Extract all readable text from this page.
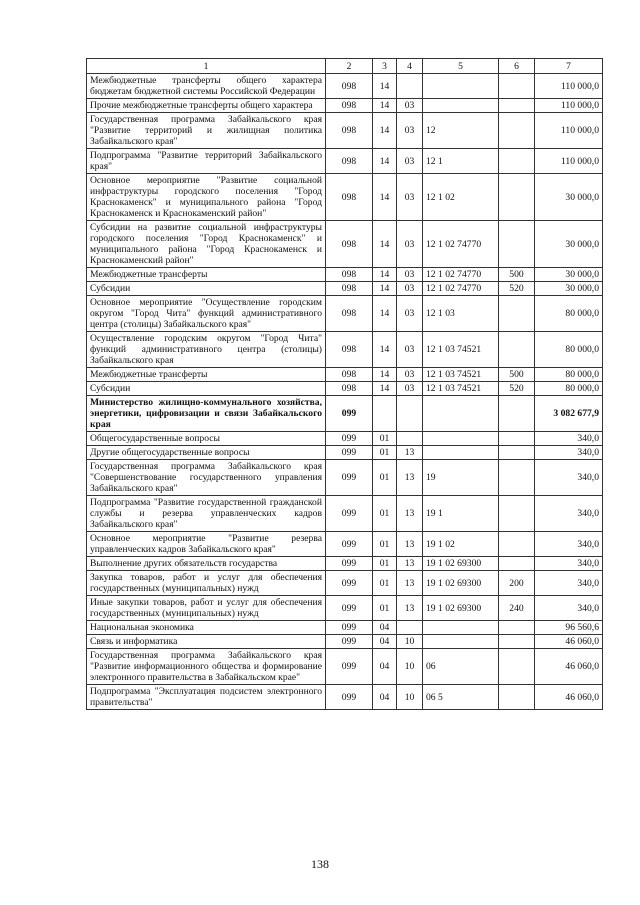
1	2	3	4	5	6	7
Межбюджетные трансферты общего характера бюджетам бюджетной системы Российской Федерации	098	14				110 000,0
Прочие межбюджетные трансферты общего характера	098	14	03			110 000,0
Государственная программа Забайкальского края "Развитие территорий и жилищная политика Забайкальского края"	098	14	03	12		110 000,0
Подпрограмма "Развитие территорий Забайкальского края"	098	14	03	12 1		110 000,0
Основное мероприятие "Развитие социальной инфраструктуры городского поселения "Город Краснокаменск" и муниципального района "Город Краснокаменск и Краснокаменский район"	098	14	03	12 1 02		30 000,0
Субсидии на развитие социальной инфраструктуры городского поселения "Город Краснокаменск" и муниципального района "Город Краснокаменск и Краснокаменский район"	098	14	03	12 1 02 74770		30 000,0
Межбюджетные трансферты	098	14	03	12 1 02 74770	500	30 000,0
Субсидии	098	14	03	12 1 02 74770	520	30 000,0
Основное мероприятие "Осуществление городским округом "Город Чита" функций административного центра (столицы) Забайкальского края"	098	14	03	12 1 03		80 000,0
Осуществление городским округом "Город Чита" функций административного центра (столицы) Забайкальского края	098	14	03	12 1 03 74521		80 000,0
Межбюджетные трансферты	098	14	03	12 1 03 74521	500	80 000,0
Субсидии	098	14	03	12 1 03 74521	520	80 000,0
Министерство жилищно-коммунального хозяйства, энергетики, цифровизации и связи Забайкальского края	099					3 082 677,9
Общегосударственные вопросы	099	01				340,0
Другие общегосударственные вопросы	099	01	13			340,0
Государственная программа Забайкальского края "Совершенствование государственного управления Забайкальского края"	099	01	13	19		340,0
Подпрограмма "Развитие государственной гражданской службы и резерва управленческих кадров Забайкальского края"	099	01	13	19 1		340,0
Основное мероприятие "Развитие резерва управленческих кадров Забайкальского края"	099	01	13	19 1 02		340,0
Выполнение других обязательств государства	099	01	13	19 1 02 69300		340,0
Закупка товаров, работ и услуг для обеспечения государственных (муниципальных) нужд	099	01	13	19 1 02 69300	200	340,0
Иные закупки товаров, работ и услуг для обеспечения государственных (муниципальных) нужд	099	01	13	19 1 02 69300	240	340,0
Национальная экономика	099	04				96 560,6
Связь и информатика	099	04	10			46 060,0
Государственная программа Забайкальского края "Развитие информационного общества и формирование электронного правительства в Забайкальском крае"	099	04	10	06		46 060,0
Подпрограмма "Эксплуатация подсистем электронного правительства"	099	04	10	06 5		46 060,0
138
